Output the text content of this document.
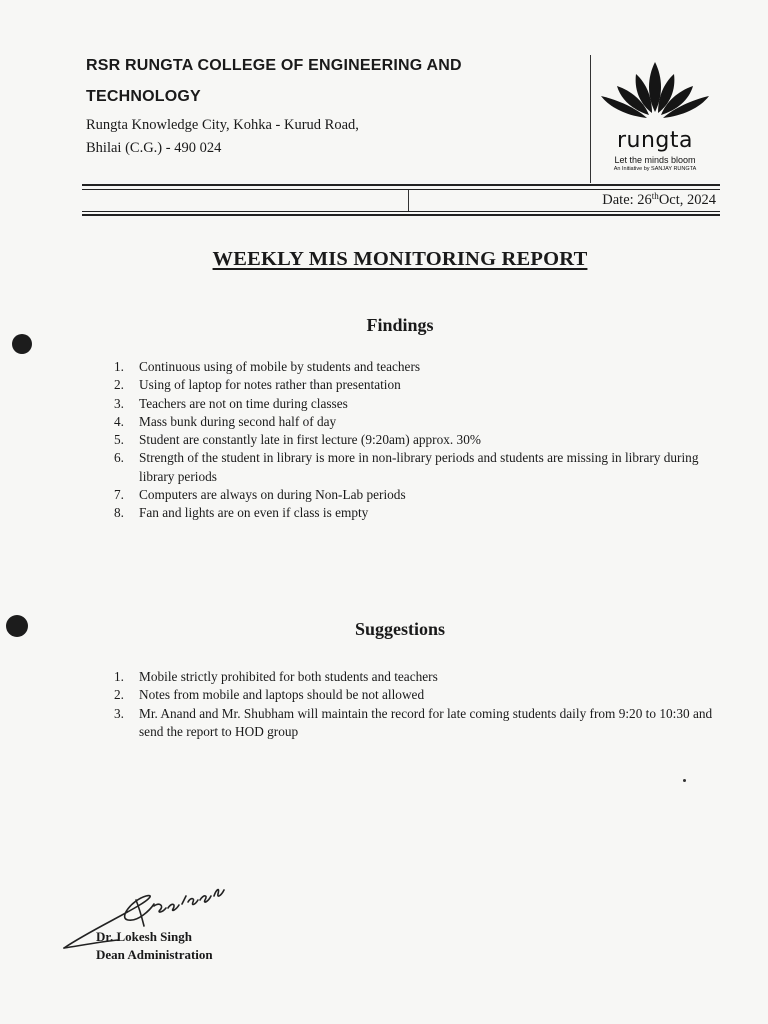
RSR RUNGTA COLLEGE OF ENGINEERING AND TECHNOLOGY
Rungta Knowledge City, Kohka - Kurud Road,
Bhilai (C.G.) - 490 024	rungta
Let the minds bloom
An Initiative by SANJAY RUNGTA
Date: 26thOct, 2024
WEEKLY MIS MONITORING REPORT
Findings
1. Continuous using of mobile by students and teachers
2. Using of laptop for notes rather than presentation
3. Teachers are not on time during classes
4. Mass bunk during second half of day
5. Student are constantly late in first lecture (9:20am) approx. 30%
6. Strength of the student in library is more in non-library periods and students are missing in library during library periods
7. Computers are always on during Non-Lab periods
8. Fan and lights are on even if class is empty
Suggestions
1. Mobile strictly prohibited for both students and teachers
2. Notes from mobile and laptops should be not allowed
3. Mr. Anand and Mr. Shubham will maintain the record for late coming students daily from 9:20 to 10:30 and send the report to HOD group
Dr. Lokesh Singh
Dean Administration
